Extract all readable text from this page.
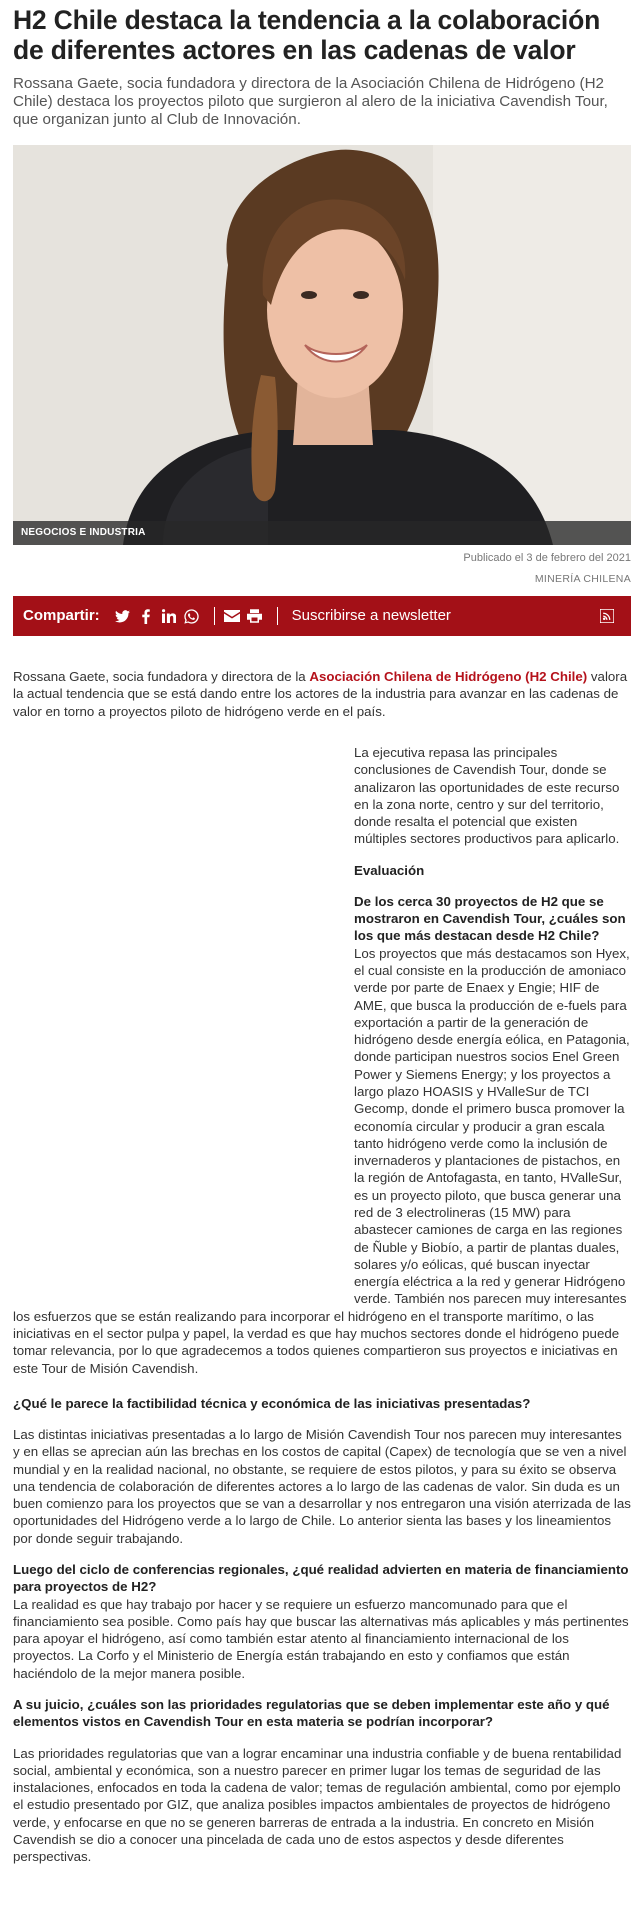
H2 Chile destaca la tendencia a la colaboración de diferentes actores en las cadenas de valor

Rossana Gaete, socia fundadora y directora de la Asociación Chilena de Hidrógeno (H2 Chile) destaca los proyectos piloto que surgieron al alero de la iniciativa Cavendish Tour, que organizan junto al Club de Innovación.

NEGOCIOS E INDUSTRIA
Publicado el 3 de febrero del 2021
MINERÍA CHILENA
Compartir:	Suscribirse a newsletter

Rossana Gaete, socia fundadora y directora de la Asociación Chilena de Hidrógeno (H2 Chile) valora la actual tendencia que se está dando entre los actores de la industria para avanzar en las cadenas de valor en torno a proyectos piloto de hidrógeno verde en el país.

La ejecutiva repasa las principales conclusiones de Cavendish Tour, donde se analizaron las oportunidades de este recurso en la zona norte, centro y sur del territorio, donde resalta el potencial que existen múltiples sectores productivos para aplicarlo.

Evaluación

De los cerca 30 proyectos de H2 que se mostraron en Cavendish Tour, ¿cuáles son los que más destacan desde H2 Chile?
Los proyectos que más destacamos son Hyex, el cual consiste en la producción de amoniaco verde por parte de Enaex y Engie; HIF de AME, que busca la producción de e-fuels para exportación a partir de la generación de hidrógeno desde energía eólica, en Patagonia, donde participan nuestros socios Enel Green Power y Siemens Energy; y los proyectos a largo plazo HOASIS y HValleSur de TCI Gecomp, donde el primero busca promover la economía circular y producir a gran escala tanto hidrógeno verde como la inclusión de invernaderos y plantaciones de pistachos, en la región de Antofagasta, en tanto, HValleSur, es un proyecto piloto, que busca generar una red de 3 electrolineras (15 MW) para abastecer camiones de carga en las regiones de Ñuble y Biobío, a partir de plantas duales, solares y/o eólicas, qué buscan inyectar energía eléctrica a la red y generar Hidrógeno verde. También nos parecen muy interesantes los esfuerzos que se están realizando para incorporar el hidrógeno en el transporte marítimo, o las iniciativas en el sector pulpa y papel, la verdad es que hay muchos sectores donde el hidrógeno puede tomar relevancia, por lo que agradecemos a todos quienes compartieron sus proyectos e iniciativas en este Tour de Misión Cavendish.

¿Qué le parece la factibilidad técnica y económica de las iniciativas presentadas?

Las distintas iniciativas presentadas a lo largo de Misión Cavendish Tour nos parecen muy interesantes y en ellas se aprecian aún las brechas en los costos de capital (Capex) de tecnología que se ven a nivel mundial y en la realidad nacional, no obstante, se requiere de estos pilotos, y para su éxito se observa una tendencia de colaboración de diferentes actores a lo largo de las cadenas de valor. Sin duda es un buen comienzo para los proyectos que se van a desarrollar y nos entregaron una visión aterrizada de las oportunidades del Hidrógeno verde a lo largo de Chile. Lo anterior sienta las bases y los lineamientos por donde seguir trabajando.

Luego del ciclo de conferencias regionales, ¿qué realidad advierten en materia de financiamiento para proyectos de H2?
La realidad es que hay trabajo por hacer y se requiere un esfuerzo mancomunado para que el financiamiento sea posible. Como país hay que buscar las alternativas más aplicables y más pertinentes para apoyar el hidrógeno, así como también estar atento al financiamiento internacional de los proyectos. La Corfo y el Ministerio de Energía están trabajando en esto y confiamos que están haciéndolo de la mejor manera posible.

A su juicio, ¿cuáles son las prioridades regulatorias que se deben implementar este año y qué elementos vistos en Cavendish Tour en esta materia se podrían incorporar?

Las prioridades regulatorias que van a lograr encaminar una industria confiable y de buena rentabilidad social, ambiental y económica, son a nuestro parecer en primer lugar los temas de seguridad de las instalaciones, enfocados en toda la cadena de valor; temas de regulación ambiental, como por ejemplo el estudio presentado por GIZ, que analiza posibles impactos ambientales de proyectos de hidrógeno verde, y enfocarse en que no se generen barreras de entrada a la industria. En concreto en Misión Cavendish se dio a conocer una pincelada de cada uno de estos aspectos y desde diferentes perspectivas.
